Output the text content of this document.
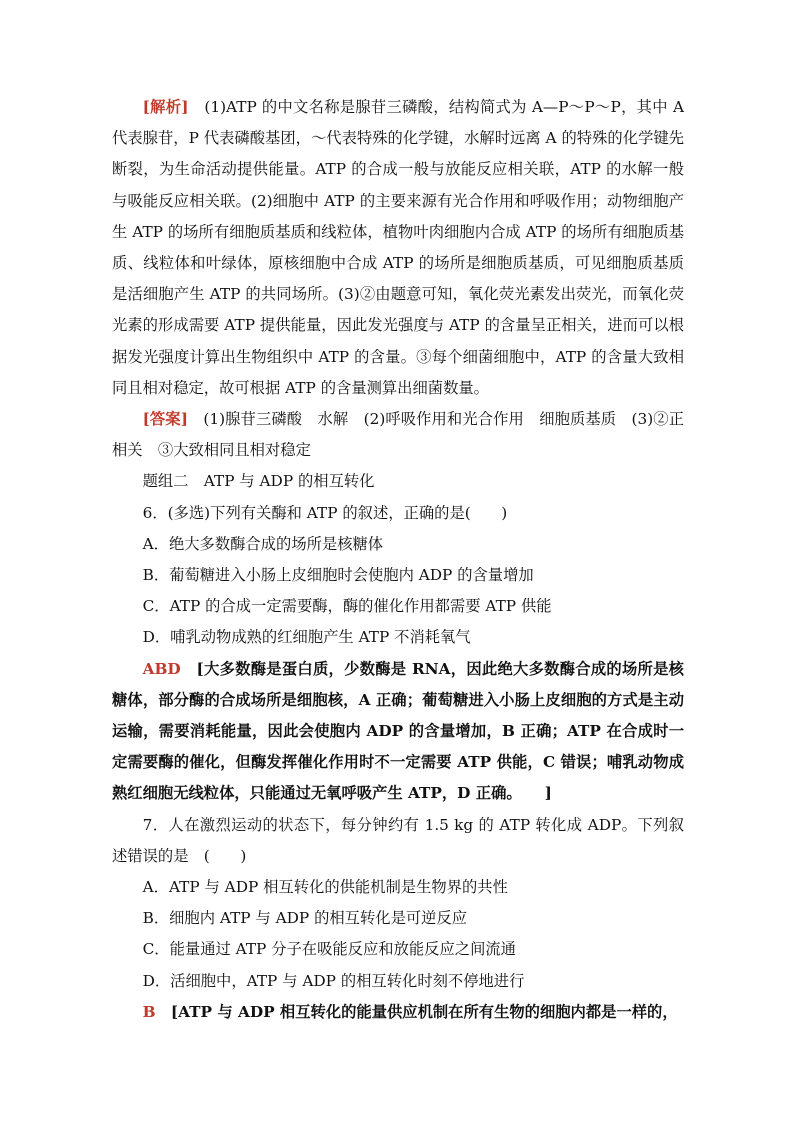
[解析]　 (1)ATP 的中文名称是腺苷三磷酸，结构简式为 A—P～P～P，其中 A 代表腺苷，P 代表磷酸基团，～代表特殊的化学键，水解时远离 A 的特殊的化学键先断裂，为生命活动提供能量。ATP 的合成一般与放能反应相关联，ATP 的水解一般与吸能反应相关联。(2)细胞中 ATP 的主要来源有光合作用和呼吸作用；动物细胞产生 ATP 的场所有细胞质基质和线粒体，植物叶肉细胞内合成 ATP 的场所有细胞质基质、线粒体和叶绿体，原核细胞中合成 ATP 的场所是细胞质基质，可见细胞质基质是活细胞产生 ATP 的共同场所。(3)②由题意可知，氧化荧光素发出荧光，而氧化荧光素的形成需要 ATP 提供能量，因此发光强度与 ATP 的含量呈正相关，进而可以根据发光强度计算出生物组织中 ATP 的含量。③每个细菌细胞中，ATP 的含量大致相同且相对稳定，故可根据 ATP 的含量测算出细菌数量。

[答案]　 (1)腺苷三磷酸　水解　(2)呼吸作用和光合作用　细胞质基质　(3)②正相关　③大致相同且相对稳定

题组二　ATP 与 ADP 的相互转化

6．(多选)下列有关酶和 ATP 的叙述，正确的是(　　)

A．绝大多数酶合成的场所是核糖体

B．葡萄糖进入小肠上皮细胞时会使胞内 ADP 的含量增加

C．ATP 的合成一定需要酶，酶的催化作用都需要 ATP 供能

D．哺乳动物成熟的红细胞产生 ATP 不消耗氧气

ABD　 [大多数酶是蛋白质，少数酶是 RNA，因此绝大多数酶合成的场所是核糖体，部分酶的合成场所是细胞核，A 正确；葡萄糖进入小肠上皮细胞的方式是主动运输，需要消耗能量，因此会使胞内 ADP 的含量增加，B 正确；ATP 在合成时一定需要酶的催化，但酶发挥催化作用时不一定需要 ATP 供能，C 错误；哺乳动物成熟红细胞无线粒体，只能通过无氧呼吸产生 ATP，D 正确。　　]

7．人在激烈运动的状态下，每分钟约有 1.5 kg 的 ATP 转化成 ADP。下列叙述错误的是　(　　)

A．ATP 与 ADP 相互转化的供能机制是生物界的共性

B．细胞内 ATP 与 ADP 的相互转化是可逆反应

C．能量通过 ATP 分子在吸能反应和放能反应之间流通

D．活细胞中，ATP 与 ADP 的相互转化时刻不停地进行

B　 [ATP 与 ADP 相互转化的能量供应机制在所有生物的细胞内都是一样的，
